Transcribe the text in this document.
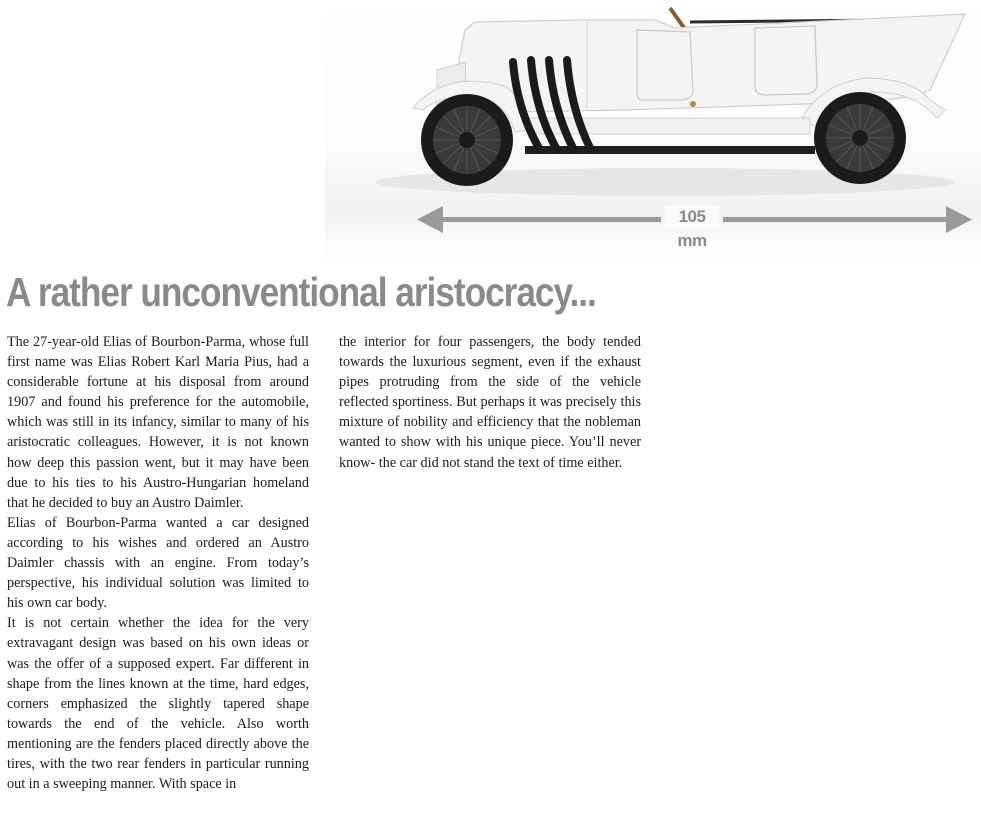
105 mm
A rather unconventional aristocracy...

The 27-year-old Elias of Bourbon-Parma, whose full first name was Elias Robert Karl Maria Pius, had a considerable fortune at his disposal from around 1907 and found his preference for the automobile, which was still in its infancy, similar to many of his aristocratic colleagues. However, it is not known how deep this passion went, but it may have been due to his ties to his Austro-Hungarian homeland that he decided to buy an Austro Daimler.

Elias of Bourbon-Parma wanted a car designed according to his wishes and ordered an Austro Daimler chassis with an engine. From today’s perspective, his individual solution was limited to his own car body.

It is not certain whether the idea for the very extravagant design was based on his own ideas or was the offer of a supposed expert. Far different in shape from the lines known at the time, hard edges, corners emphasized the slightly tapered shape towards the end of the vehicle. Also worth mentioning are the fenders placed directly above the tires, with the two rear fenders in particular running out in a sweeping manner. With space in

the interior for four passengers, the body tended towards the luxurious segment, even if the exhaust pipes protruding from the side of the vehicle reflected sportiness. But perhaps it was precisely this mixture of nobility and efficiency that the nobleman wanted to show with his unique piece. You’ll never know- the car did not stand the text of time either.
